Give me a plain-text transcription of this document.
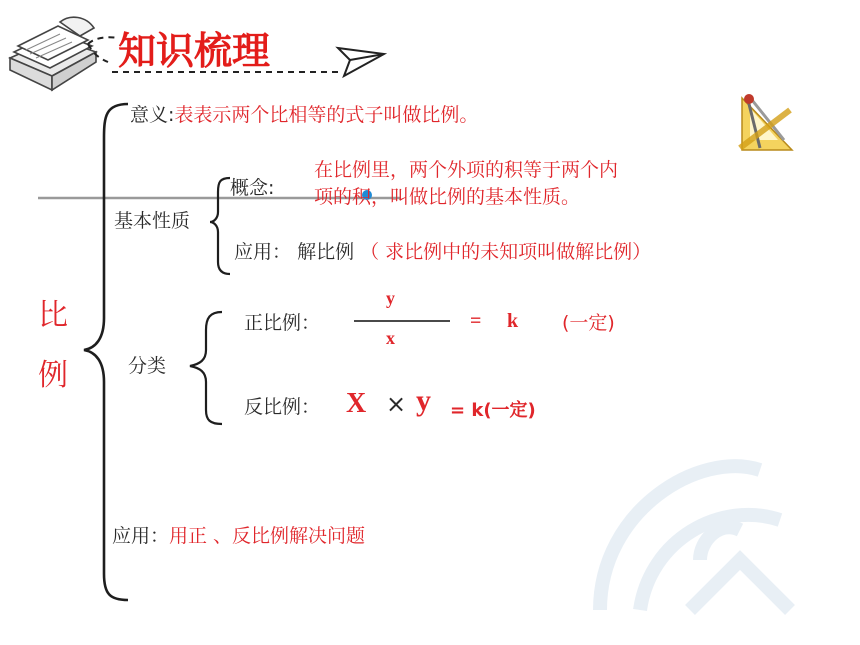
知识梳理
比
例
意义:表表示两个比相等的式子叫做比例。
基本性质
概念:
在比例里，两个外项的积等于两个内
项的积，叫做比例的基本性质。
应用： 解比例 （ 求比例中的未知项叫做解比例）
分类
正比例：
y
x
= k (一定)
反比例： X × y = k(一定)
应用：用正 、反比例解决问题
